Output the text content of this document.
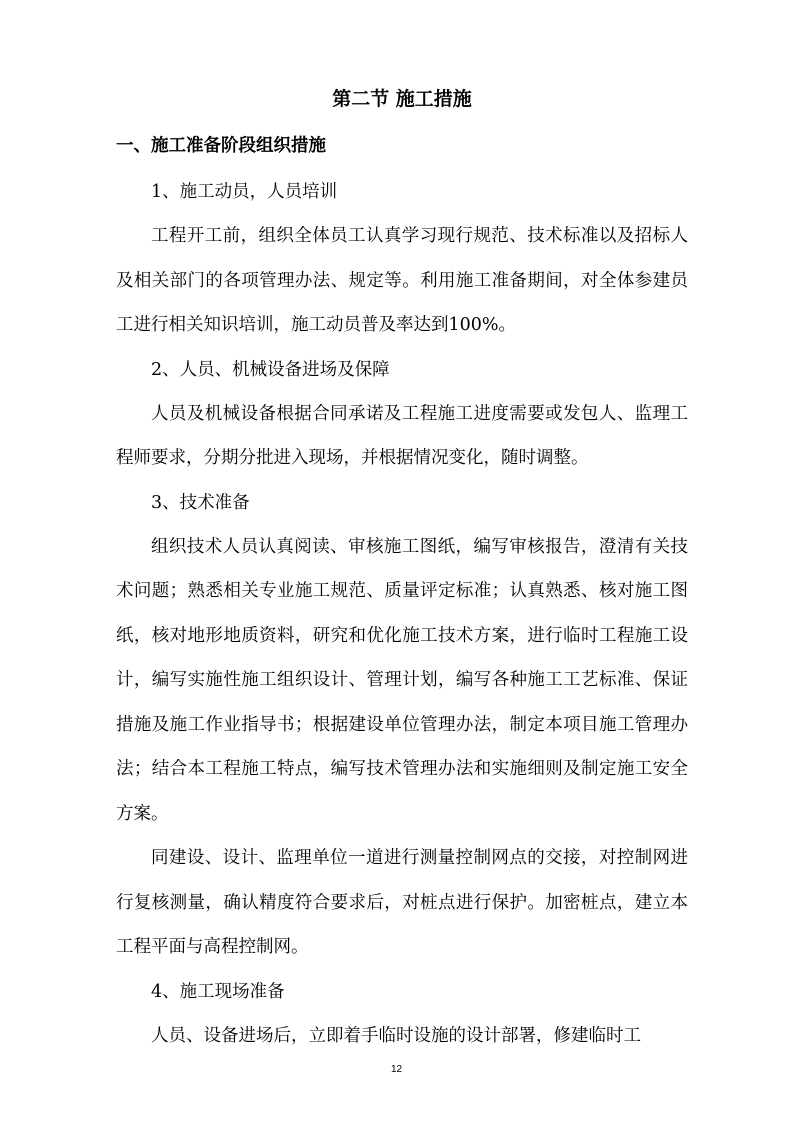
第二节 施工措施
一、施工准备阶段组织措施

1、施工动员，人员培训

工程开工前，组织全体员工认真学习现行规范、技术标准以及招标人及相关部门的各项管理办法、规定等。利用施工准备期间，对全体参建员工进行相关知识培训，施工动员普及率达到100%。

2、人员、机械设备进场及保障

人员及机械设备根据合同承诺及工程施工进度需要或发包人、监理工程师要求，分期分批进入现场，并根据情况变化，随时调整。

3、技术准备

组织技术人员认真阅读、审核施工图纸，编写审核报告，澄清有关技术问题；熟悉相关专业施工规范、质量评定标准；认真熟悉、核对施工图纸，核对地形地质资料，研究和优化施工技术方案，进行临时工程施工设计，编写实施性施工组织设计、管理计划，编写各种施工工艺标准、保证措施及施工作业指导书；根据建设单位管理办法，制定本项目施工管理办法；结合本工程施工特点，编写技术管理办法和实施细则及制定施工安全方案。

同建设、设计、监理单位一道进行测量控制网点的交接，对控制网进行复核测量，确认精度符合要求后，对桩点进行保护。加密桩点，建立本工程平面与高程控制网。

4、施工现场准备

人员、设备进场后，立即着手临时设施的设计部署，修建临时工

12
